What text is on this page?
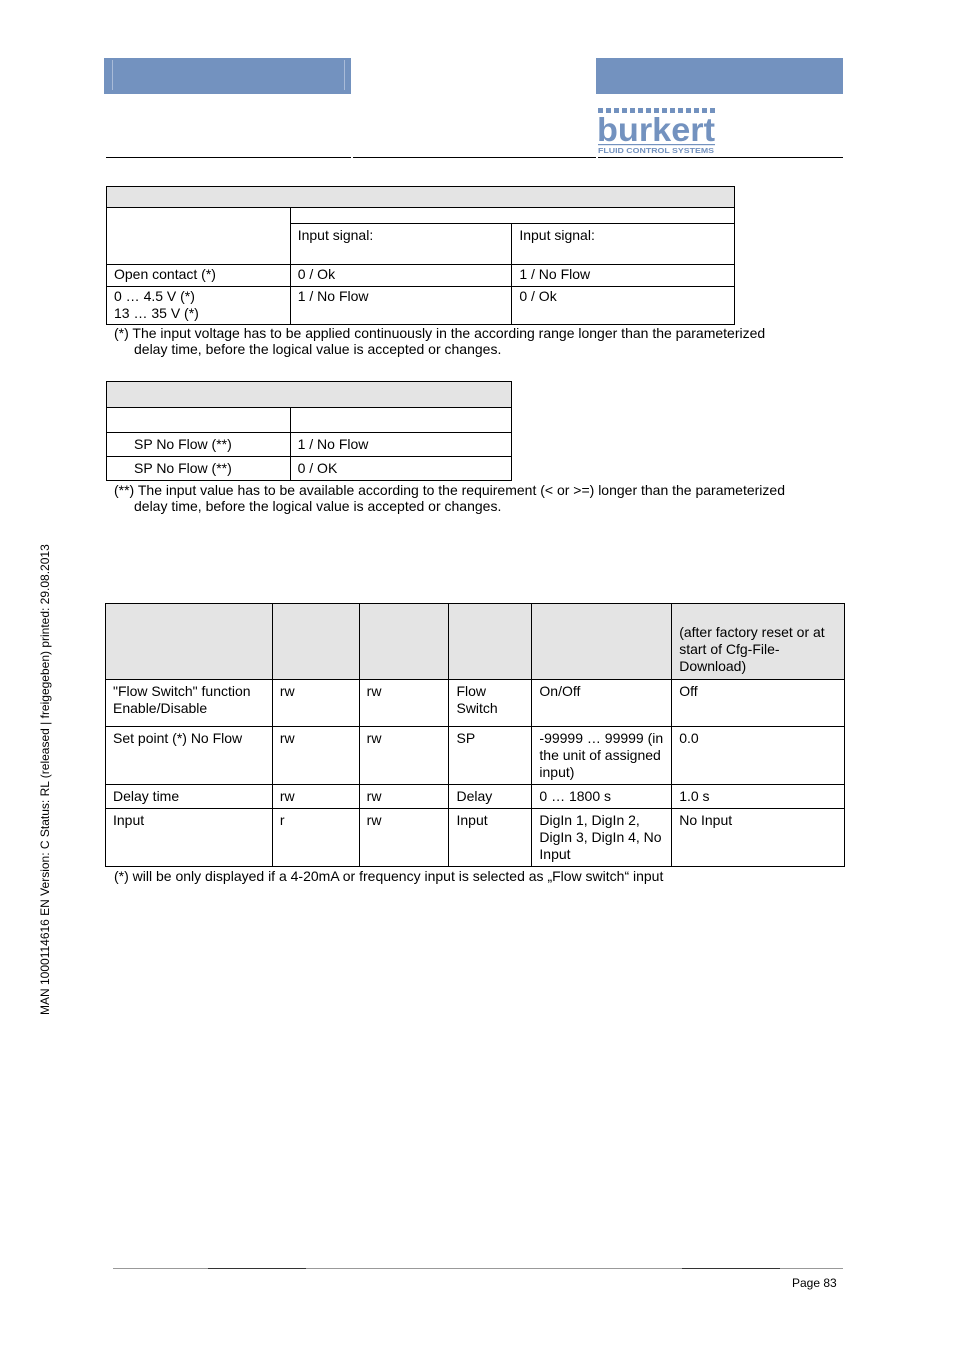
burkert
FLUID CONTROL SYSTEMS

	Input signal:	Input signal:
Open contact (*)	0 / Ok	1 / No Flow

0 … 4.5 V (*)
13 … 35 V (*)	1 / No Flow	0 / Ok
(*) The input voltage has to be applied continuously in the according range longer than the parameterized
delay time, before the logical value is accepted or changes.

SP No Flow (**)	1 / No Flow
SP No Flow (**)	0 / OK
(**) The input value has to be available according to the requirement (< or >=) longer than the parameterized
delay time, before the logical value is accepted or changes.
					(after factory reset or at start of Cfg-File-Download)
"Flow Switch" function Enable/Disable	rw	rw	Flow Switch	On/Off	Off
Set point (*) No Flow	rw	rw	SP	-99999 … 99999 (in the unit of assigned input)	0.0
Delay time	rw	rw	Delay	0 … 1800 s	1.0 s
Input	r	rw	Input	DigIn 1, DigIn 2, DigIn 3, DigIn 4, No Input	No Input
(*) will be only displayed if a 4-20mA or frequency input is selected as „Flow switch“ input
MAN 1000114616 EN Version: C Status: RL (released | freigegeben) printed: 29.08.2013
Page 83
